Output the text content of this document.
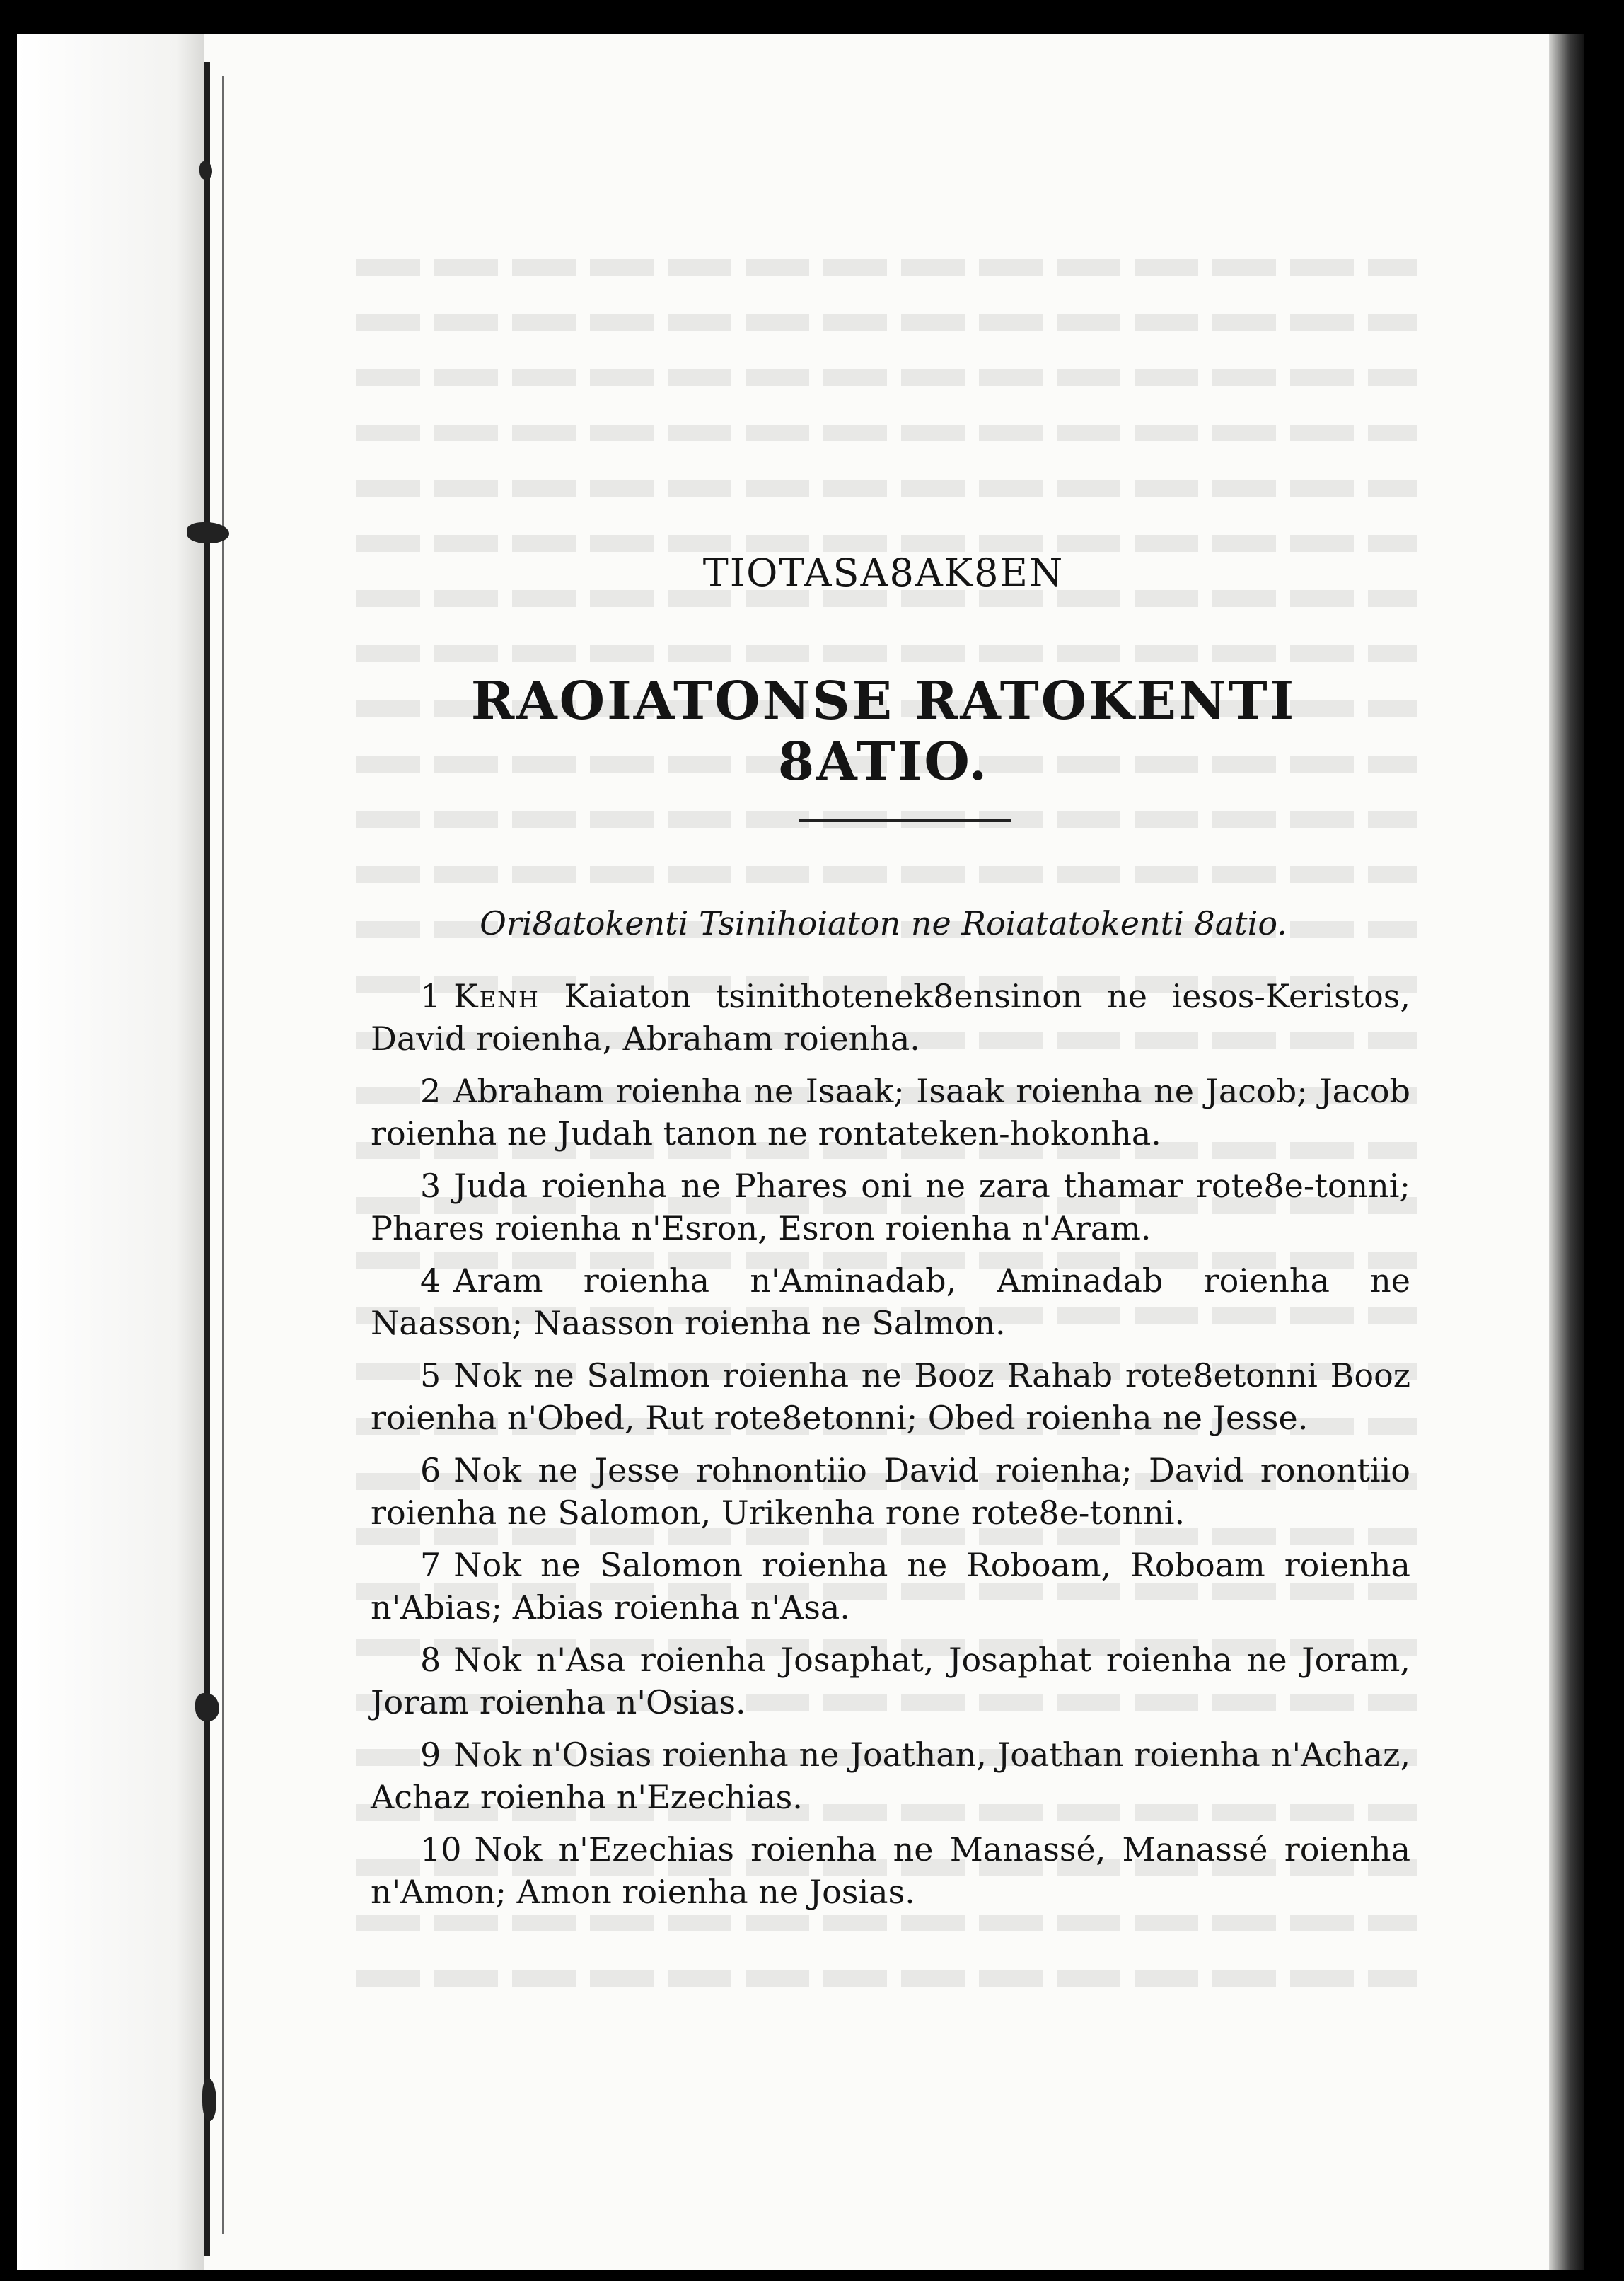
TIOTASA8AK8EN
RAOIATONSE RATOKENTI 8ATIO.
Ori8atokenti Tsinihoiaton ne Roiatatokenti 8atio.

1 Kenh Kaiaton tsinithotenek8ensinon ne iesos-Keristos, David roienha, Abraham roienha.

2 Abraham roienha ne Isaak; Isaak roienha ne Jacob; Jacob roienha ne Judah tanon ne rontateken-hokonha.

3 Juda roienha ne Phares oni ne zara thamar rote8e-tonni; Phares roienha n'Esron, Esron roienha n'Aram.

4 Aram roienha n'Aminadab, Aminadab roienha ne Naasson; Naasson roienha ne Salmon.

5 Nok ne Salmon roienha ne Booz Rahab rote8etonni Booz roienha n'Obed, Rut rote8etonni; Obed roienha ne Jesse.

6 Nok ne Jesse rohnontiio David roienha; David ronontiio roienha ne Salomon, Urikenha rone rote8e-tonni.

7 Nok ne Salomon roienha ne Roboam, Roboam roienha n'Abias; Abias roienha n'Asa.

8 Nok n'Asa roienha Josaphat, Josaphat roienha ne Joram, Joram roienha n'Osias.

9 Nok n'Osias roienha ne Joathan, Joathan roienha n'Achaz, Achaz roienha n'Ezechias.

10 Nok n'Ezechias roienha ne Manassé, Manassé roienha n'Amon; Amon roienha ne Josias.
